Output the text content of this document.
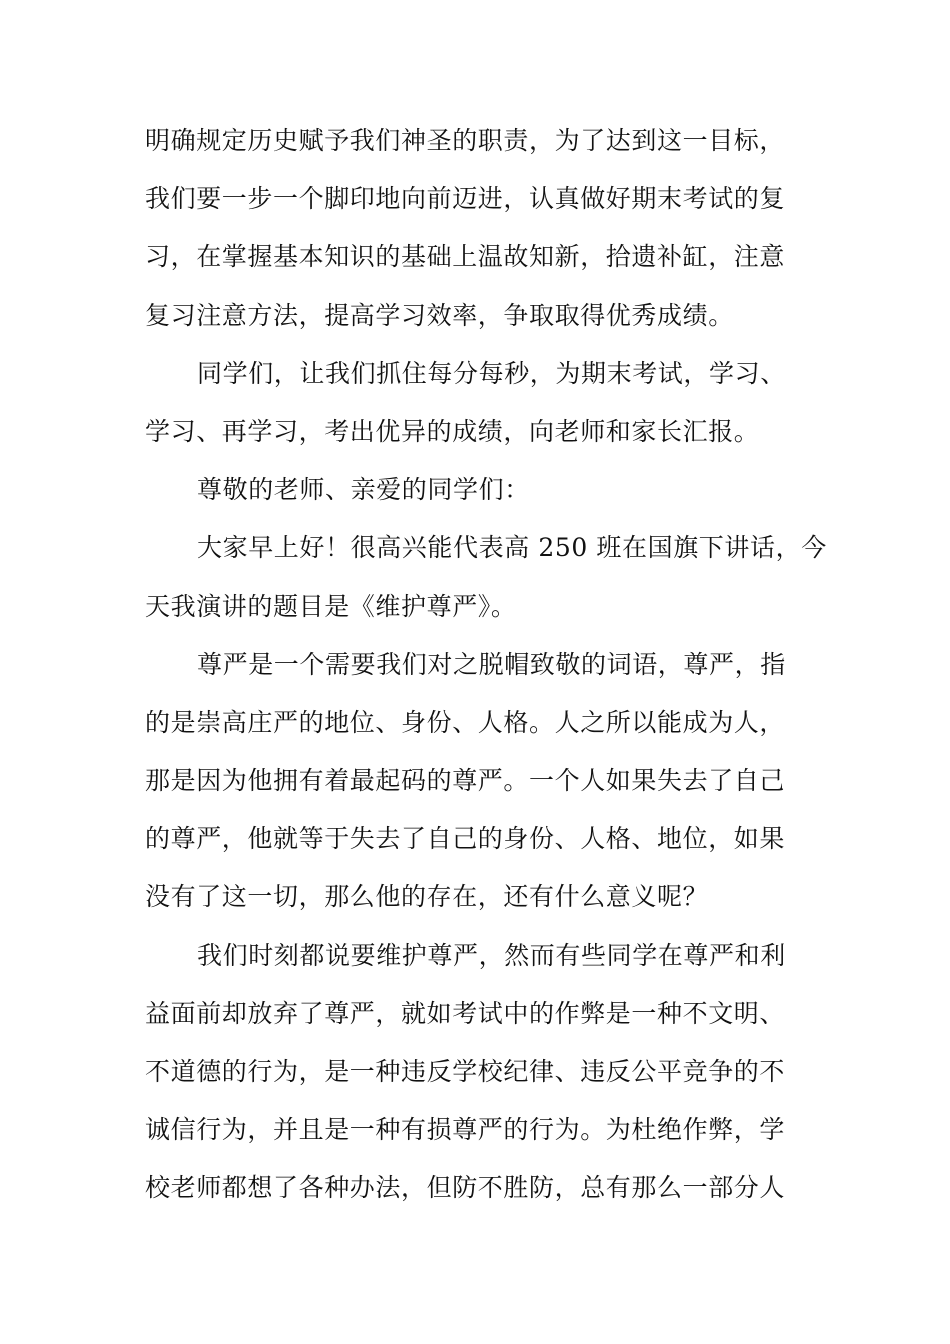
明确规定历史赋予我们神圣的职责，为了达到这一目标，
我们要一步一个脚印地向前迈进，认真做好期末考试的复
习，在掌握基本知识的基础上温故知新，拾遗补缸，注意
复习注意方法，提高学习效率，争取取得优秀成绩。
同学们，让我们抓住每分每秒，为期末考试，学习、
学习、再学习，考出优异的成绩，向老师和家长汇报。
尊敬的老师、亲爱的同学们：
大家早上好！很高兴能代表高 250 班在国旗下讲话，今
天我演讲的题目是《维护尊严》。
尊严是一个需要我们对之脱帽致敬的词语，尊严，指
的是崇高庄严的地位、身份、人格。人之所以能成为人，
那是因为他拥有着最起码的尊严。一个人如果失去了自己
的尊严，他就等于失去了自己的身份、人格、地位，如果
没有了这一切，那么他的存在，还有什么意义呢？
我们时刻都说要维护尊严，然而有些同学在尊严和利
益面前却放弃了尊严，就如考试中的作弊是一种不文明、
不道德的行为，是一种违反学校纪律、违反公平竞争的不
诚信行为，并且是一种有损尊严的行为。为杜绝作弊，学
校老师都想了各种办法，但防不胜防，总有那么一部分人
